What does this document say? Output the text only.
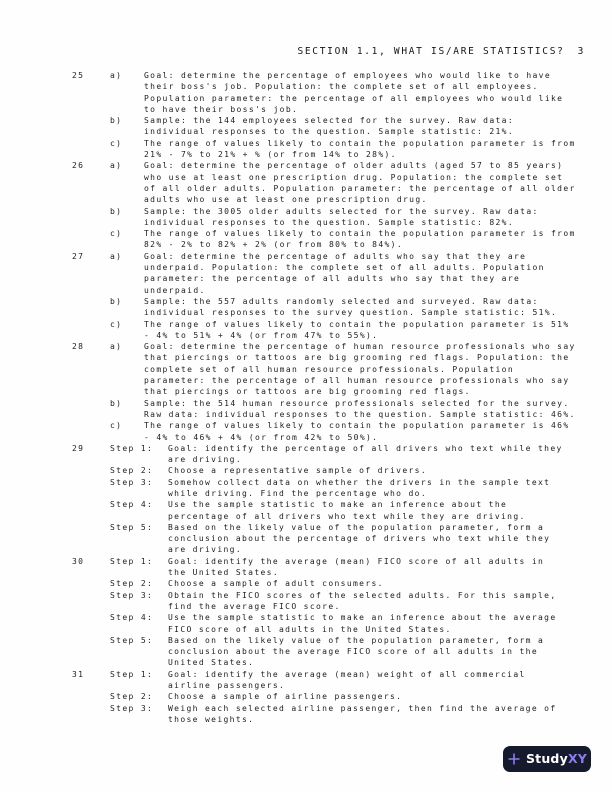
SECTION 1.1, WHAT IS/ARE STATISTICS? 3
25	a)	Goal: determine the percentage of employees who would like to have
their boss's job. Population: the complete set of all employees.
Population parameter: the percentage of all employees who would like
to have their boss's job.
b)	Sample: the 144 employees selected for the survey. Raw data:
individual responses to the question. Sample statistic: 21%.
c)	The range of values likely to contain the population parameter is from
21% - 7% to 21% + % (or from 14% to 28%).
26	a)	Goal: determine the percentage of older adults (aged 57 to 85 years)
who use at least one prescription drug. Population: the complete set
of all older adults. Population parameter: the percentage of all older
adults who use at least one prescription drug.
b)	Sample: the 3005 older adults selected for the survey. Raw data:
individual responses to the question. Sample statistic: 82%.
c)	The range of values likely to contain the population parameter is from
82% - 2% to 82% + 2% (or from 80% to 84%).
27	a)	Goal: determine the percentage of adults who say that they are
underpaid. Population: the complete set of all adults. Population
parameter: the percentage of all adults who say that they are
underpaid.
b)	Sample: the 557 adults randomly selected and surveyed. Raw data:
individual responses to the survey question. Sample statistic: 51%.
c)	The range of values likely to contain the population parameter is 51%
- 4% to 51% + 4% (or from 47% to 55%).
28	a)	Goal: determine the percentage of human resource professionals who say
that piercings or tattoos are big grooming red flags. Population: the
complete set of all human resource professionals. Population
parameter: the percentage of all human resource professionals who say
that piercings or tattoos are big grooming red flags.
b)	Sample: the 514 human resource professionals selected for the survey.
Raw data: individual responses to the question. Sample statistic: 46%.
c)	The range of values likely to contain the population parameter is 46%
- 4% to 46% + 4% (or from 42% to 50%).
29	Step 1:	Goal: identify the percentage of all drivers who text while they
are driving.
Step 2:	Choose a representative sample of drivers.
Step 3:	Somehow collect data on whether the drivers in the sample text
while driving. Find the percentage who do.
Step 4:	Use the sample statistic to make an inference about the
percentage of all drivers who text while they are driving.
Step 5:	Based on the likely value of the population parameter, form a
conclusion about the percentage of drivers who text while they
are driving.
30	Step 1:	Goal: identify the average (mean) FICO score of all adults in
the United States.
Step 2:	Choose a sample of adult consumers.
Step 3:	Obtain the FICO scores of the selected adults. For this sample,
find the average FICO score.
Step 4:	Use the sample statistic to make an inference about the average
FICO score of all adults in the United States.
Step 5:	Based on the likely value of the population parameter, form a
conclusion about the average FICO score of all adults in the
United States.
31	Step 1:	Goal: identify the average (mean) weight of all commercial
airline passengers.
Step 2:	Choose a sample of airline passengers.
Step 3:	Weigh each selected airline passenger, then find the average of
those weights.
StudyXY
